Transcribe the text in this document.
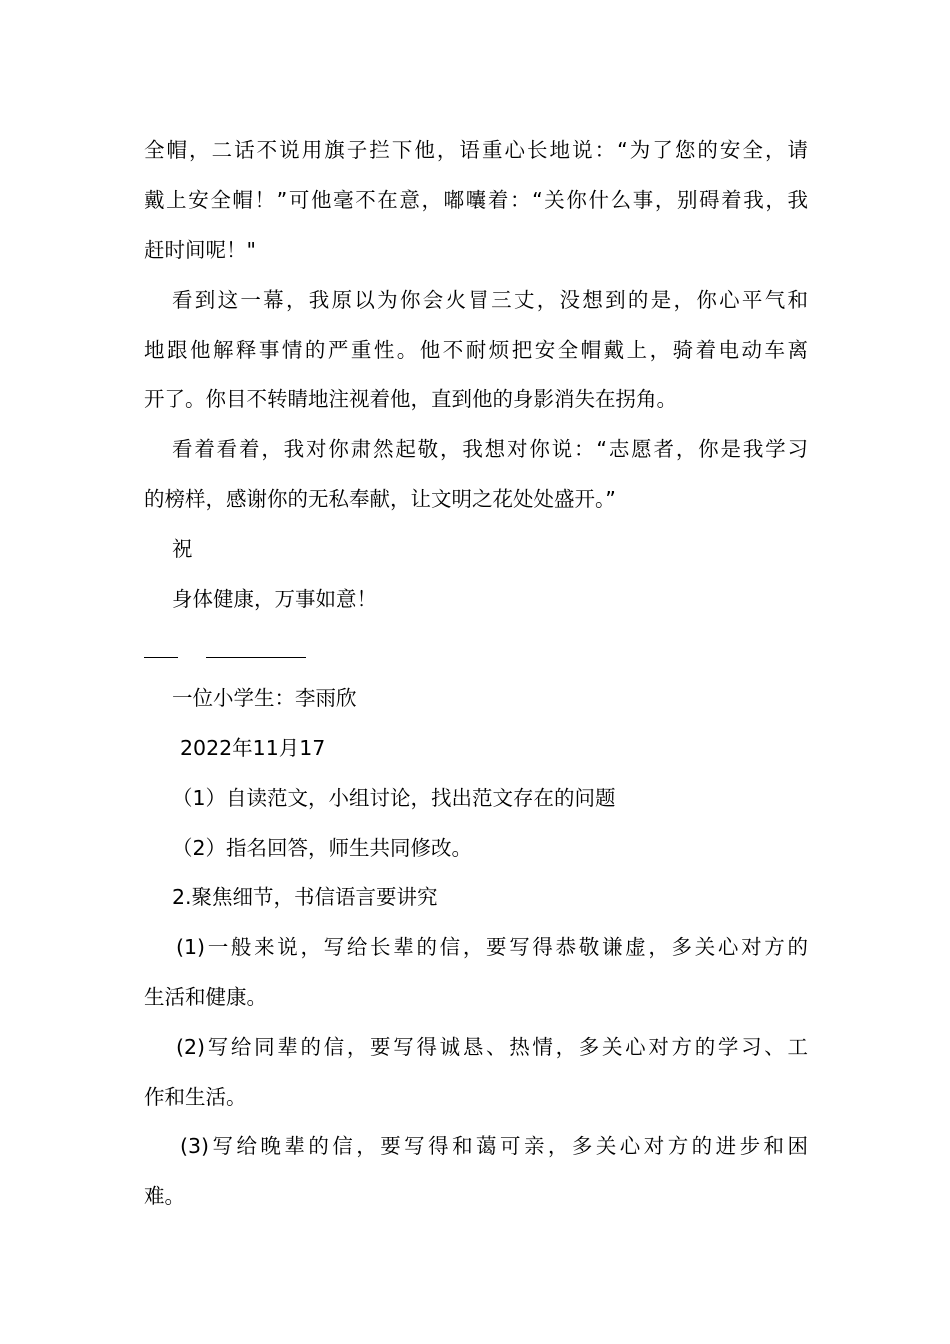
全帽，二话不说用旗子拦下他，语重心长地说：“为了您的安全，请
戴上安全帽！”可他毫不在意，嘟囔着：“关你什么事，别碍着我，我
赶时间呢！"
看到这一幕，我原以为你会火冒三丈，没想到的是，你心平气和
地跟他解释事情的严重性。他不耐烦把安全帽戴上，骑着电动车离
开了。你目不转睛地注视着他，直到他的身影消失在拐角。
看着看着，我对你肃然起敬，我想对你说：“志愿者，你是我学习
的榜样，感谢你的无私奉献，让文明之花处处盛开。”
祝
身体健康，万事如意！
一位小学生：李雨欣
2022年11月17
（1）自读范文，小组讨论，找出范文存在的问题
（2）指名回答，师生共同修改。
2.聚焦细节，书信语言要讲究
(1)一般来说，写给长辈的信，要写得恭敬谦虚，多关心对方的
生活和健康。
(2)写给同辈的信，要写得诚恳、热情，多关心对方的学习、工
作和生活。
(3)写给晚辈的信，要写得和蔼可亲，多关心对方的进步和困
难。
